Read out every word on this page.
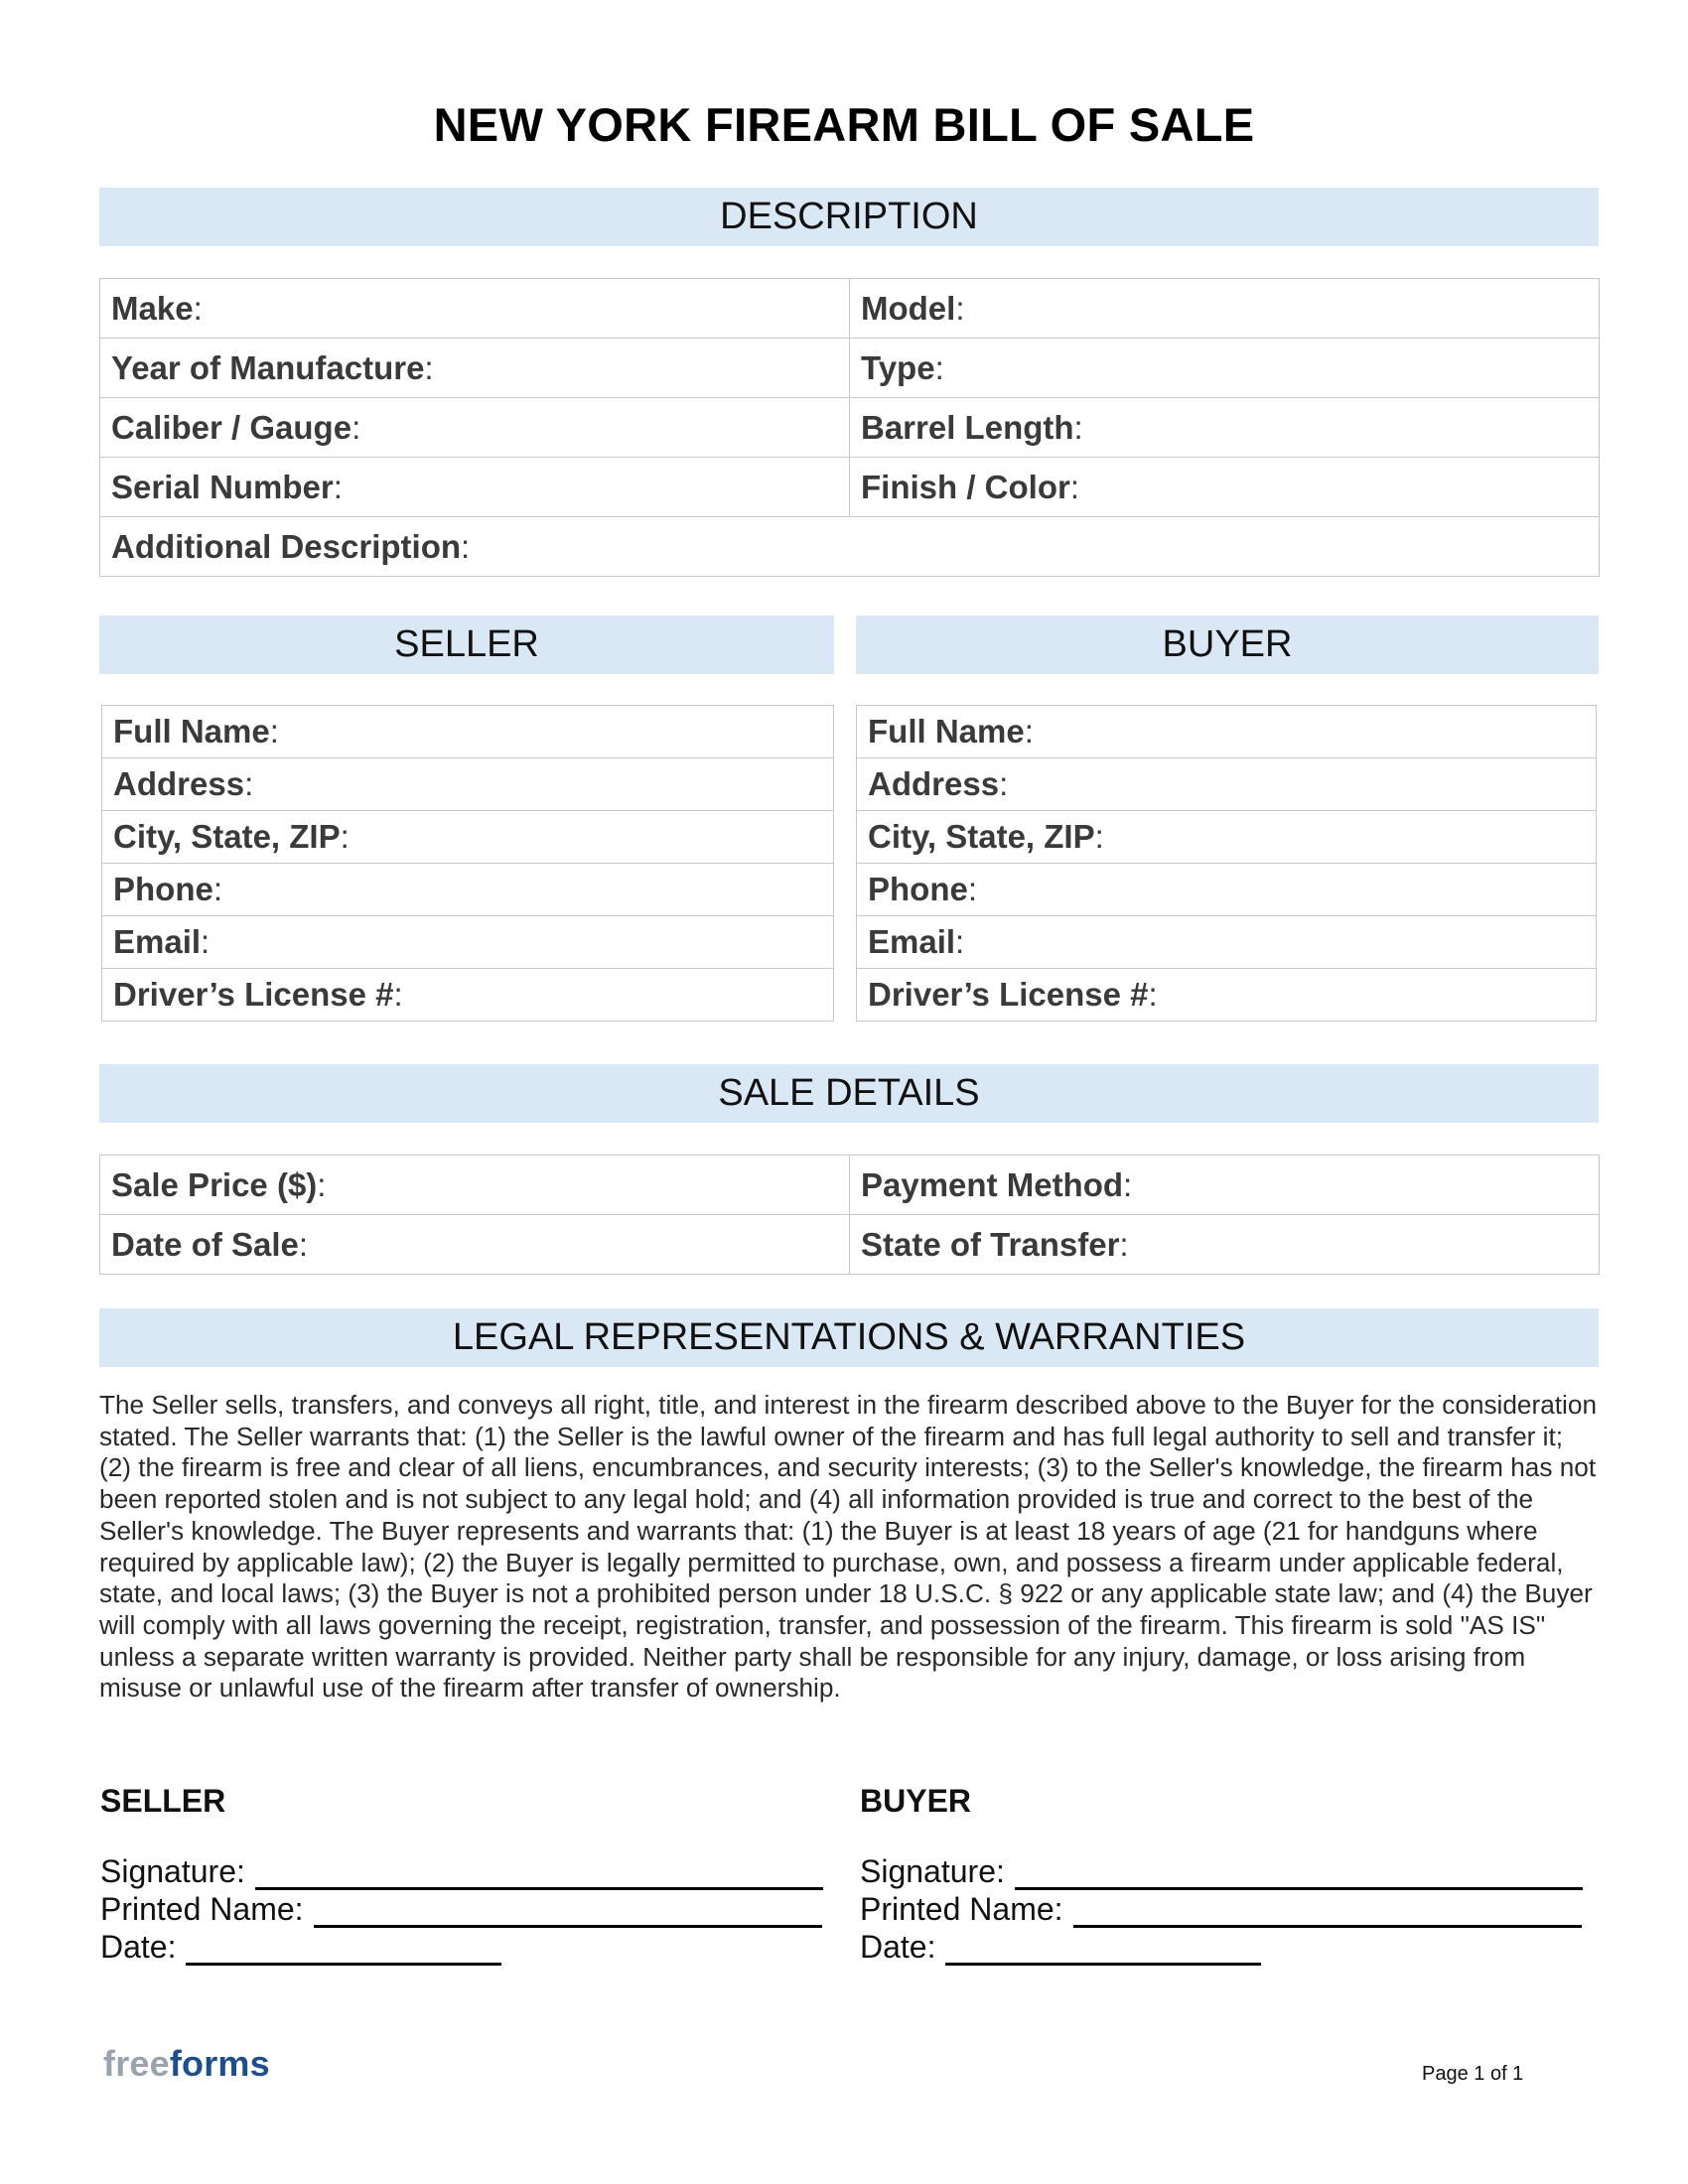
NEW YORK FIREARM BILL OF SALE
DESCRIPTION
Make:	Model:
Year of Manufacture:	Type:
Caliber / Gauge:	Barrel Length:
Serial Number:	Finish / Color:
Additional Description:	
SELLER	BUYER
Full Name:
Address:
City, State, ZIP:
Phone:
Email:
Driver’s License #:
Full Name:
Address:
City, State, ZIP:
Phone:
Email:
Driver’s License #:
SALE DETAILS
Sale Price ($):	Payment Method:
Date of Sale:	State of Transfer:
LEGAL REPRESENTATIONS & WARRANTIES
The Seller sells, transfers, and conveys all right, title, and interest in the firearm described above to the Buyer for the consideration stated. The Seller warrants that: (1) the Seller is the lawful owner of the firearm and has full legal authority to sell and transfer it; (2) the firearm is free and clear of all liens, encumbrances, and security interests; (3) to the Seller's knowledge, the firearm has not been reported stolen and is not subject to any legal hold; and (4) all information provided is true and correct to the best of the Seller's knowledge. The Buyer represents and warrants that: (1) the Buyer is at least 18 years of age (21 for handguns where required by applicable law); (2) the Buyer is legally permitted to purchase, own, and possess a firearm under applicable federal, state, and local laws; (3) the Buyer is not a prohibited person under 18 U.S.C. § 922 or any applicable state law; and (4) the Buyer will comply with all laws governing the receipt, registration, transfer, and possession of the firearm. This firearm is sold "AS IS" unless a separate written warranty is provided. Neither party shall be responsible for any injury, damage, or loss arising from misuse or unlawful use of the firearm after transfer of ownership.
SELLER
Signature:
Printed Name:
Date:
BUYER
Signature:
Printed Name:
Date:
freeforms	Page 1 of 1
